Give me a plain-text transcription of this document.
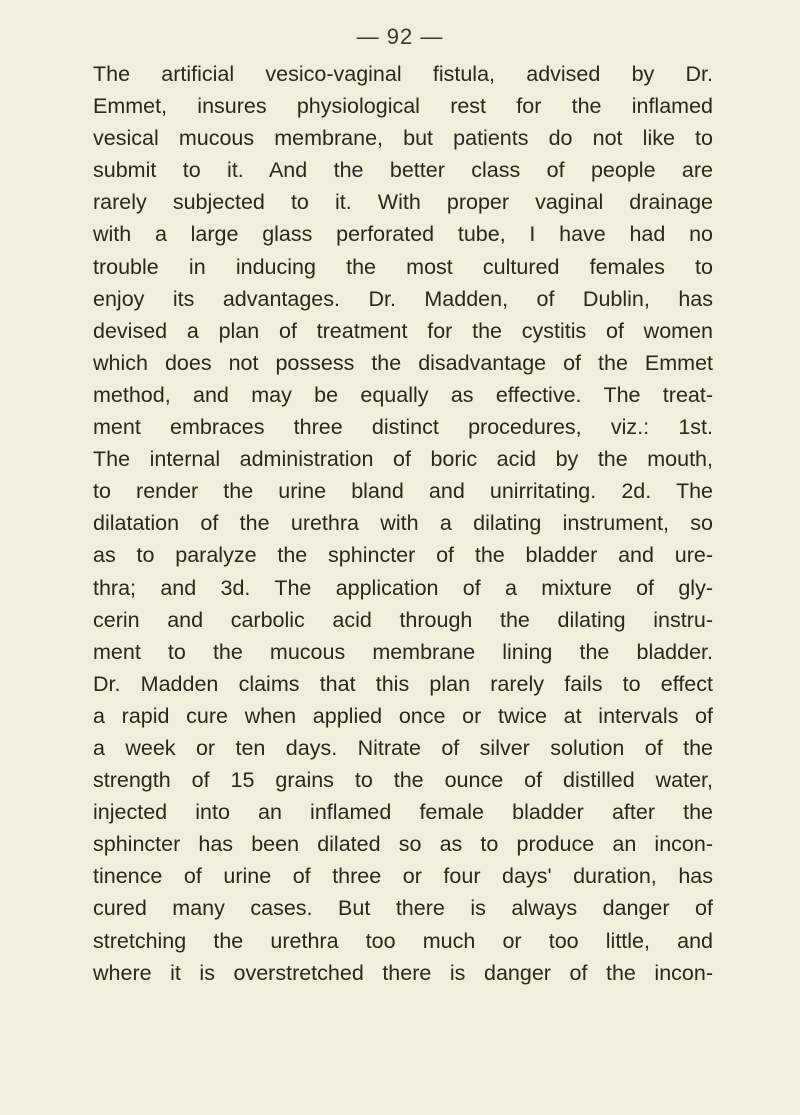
— 92 —
The artificial vesico-vaginal fistula, advised by Dr.
Emmet, insures physiological rest for the inflamed
vesical mucous membrane, but patients do not like to
submit to it. And the better class of people are
rarely subjected to it. With proper vaginal drainage
with a large glass perforated tube, I have had no
trouble in inducing the most cultured females to
enjoy its advantages. Dr. Madden, of Dublin, has
devised a plan of treatment for the cystitis of women
which does not possess the disadvantage of the Emmet
method, and may be equally as effective. The treat-
ment embraces three distinct procedures, viz.: 1st.
The internal administration of boric acid by the mouth,
to render the urine bland and unirritating. 2d. The
dilatation of the urethra with a dilating instrument, so
as to paralyze the sphincter of the bladder and ure-
thra; and 3d. The application of a mixture of gly-
cerin and carbolic acid through the dilating instru-
ment to the mucous membrane lining the bladder.
Dr. Madden claims that this plan rarely fails to effect
a rapid cure when applied once or twice at intervals of
a week or ten days. Nitrate of silver solution of the
strength of 15 grains to the ounce of distilled water,
injected into an inflamed female bladder after the
sphincter has been dilated so as to produce an incon-
tinence of urine of three or four days' duration, has
cured many cases. But there is always danger of
stretching the urethra too much or too little, and
where it is overstretched there is danger of the incon-
